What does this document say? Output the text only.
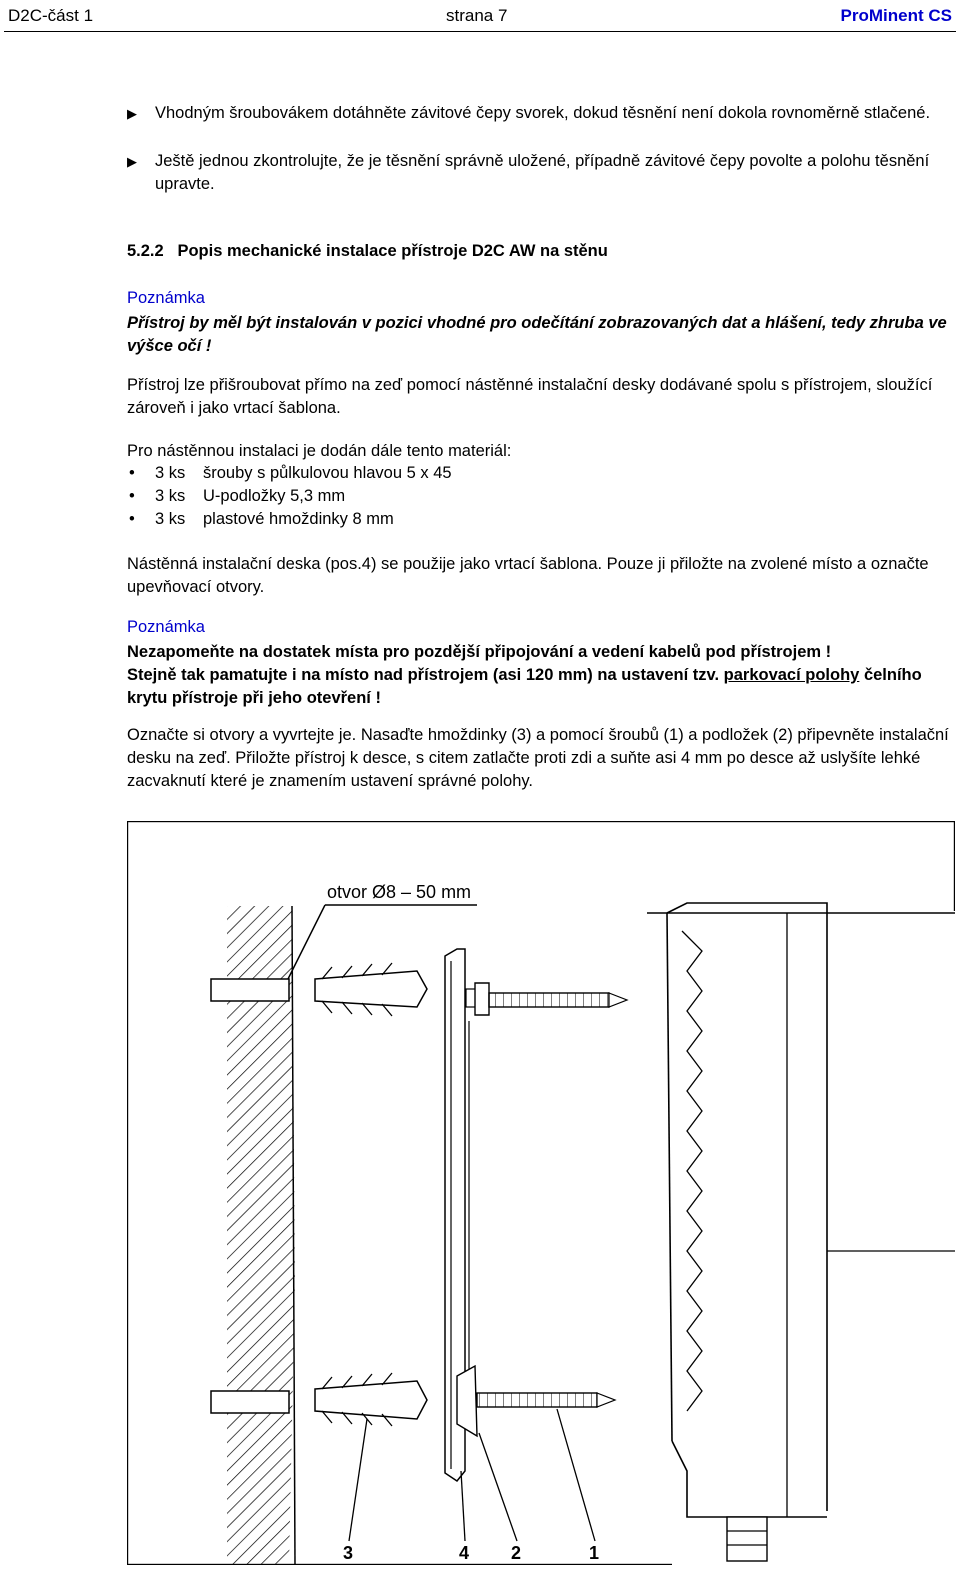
D2C-část 1	strana 7	ProMinent CS
▶ Vhodným šroubovákem dotáhněte závitové čepy svorek, dokud těsnění není dokola rovnoměrně stlačené.
▶ Ještě jednou zkontrolujte, že je těsnění správně uložené, případně závitové čepy povolte a polohu těsnění upravte.
5.2.2 Popis mechanické instalace přístroje D2C AW na stěnu
Poznámka
Přístroj by měl být instalován v pozici vhodné pro odečítání zobrazovaných dat a hlášení, tedy zhruba ve výšce očí !
Přístroj lze přišroubovat přímo na zeď pomocí nástěnné instalační desky dodávané spolu s přístrojem, sloužící zároveň i jako vrtací šablona.
Pro nástěnnou instalaci je dodán dále tento materiál:
• 3 ks šrouby s půlkulovou hlavou 5 x 45
• 3 ks U-podložky 5,3 mm
• 3 ks plastové hmoždinky 8 mm
Nástěnná instalační deska (pos.4) se použije jako vrtací šablona. Pouze ji přiložte na zvolené místo a označte upevňovací otvory.
Poznámka
Nezapomeňte na dostatek místa pro pozdější připojování a vedení kabelů pod přístrojem !
Stejně tak pamatujte i na místo nad přístrojem (asi 120 mm) na ustavení tzv. parkovací polohy čelního krytu přístroje při jeho otevření !
Označte si otvory a vyvrtejte je. Nasaďte hmoždinky (3) a pomocí šroubů (1) a podložek (2) připevněte instalační desku na zeď. Přiložte přístroj k desce, s citem zatlačte proti zdi a suňte asi 4 mm po desce až uslyšíte lehké zacvaknutí které je znamením ustavení správné polohy.
otvor Ø8 – 50 mm
3	4 2	1
